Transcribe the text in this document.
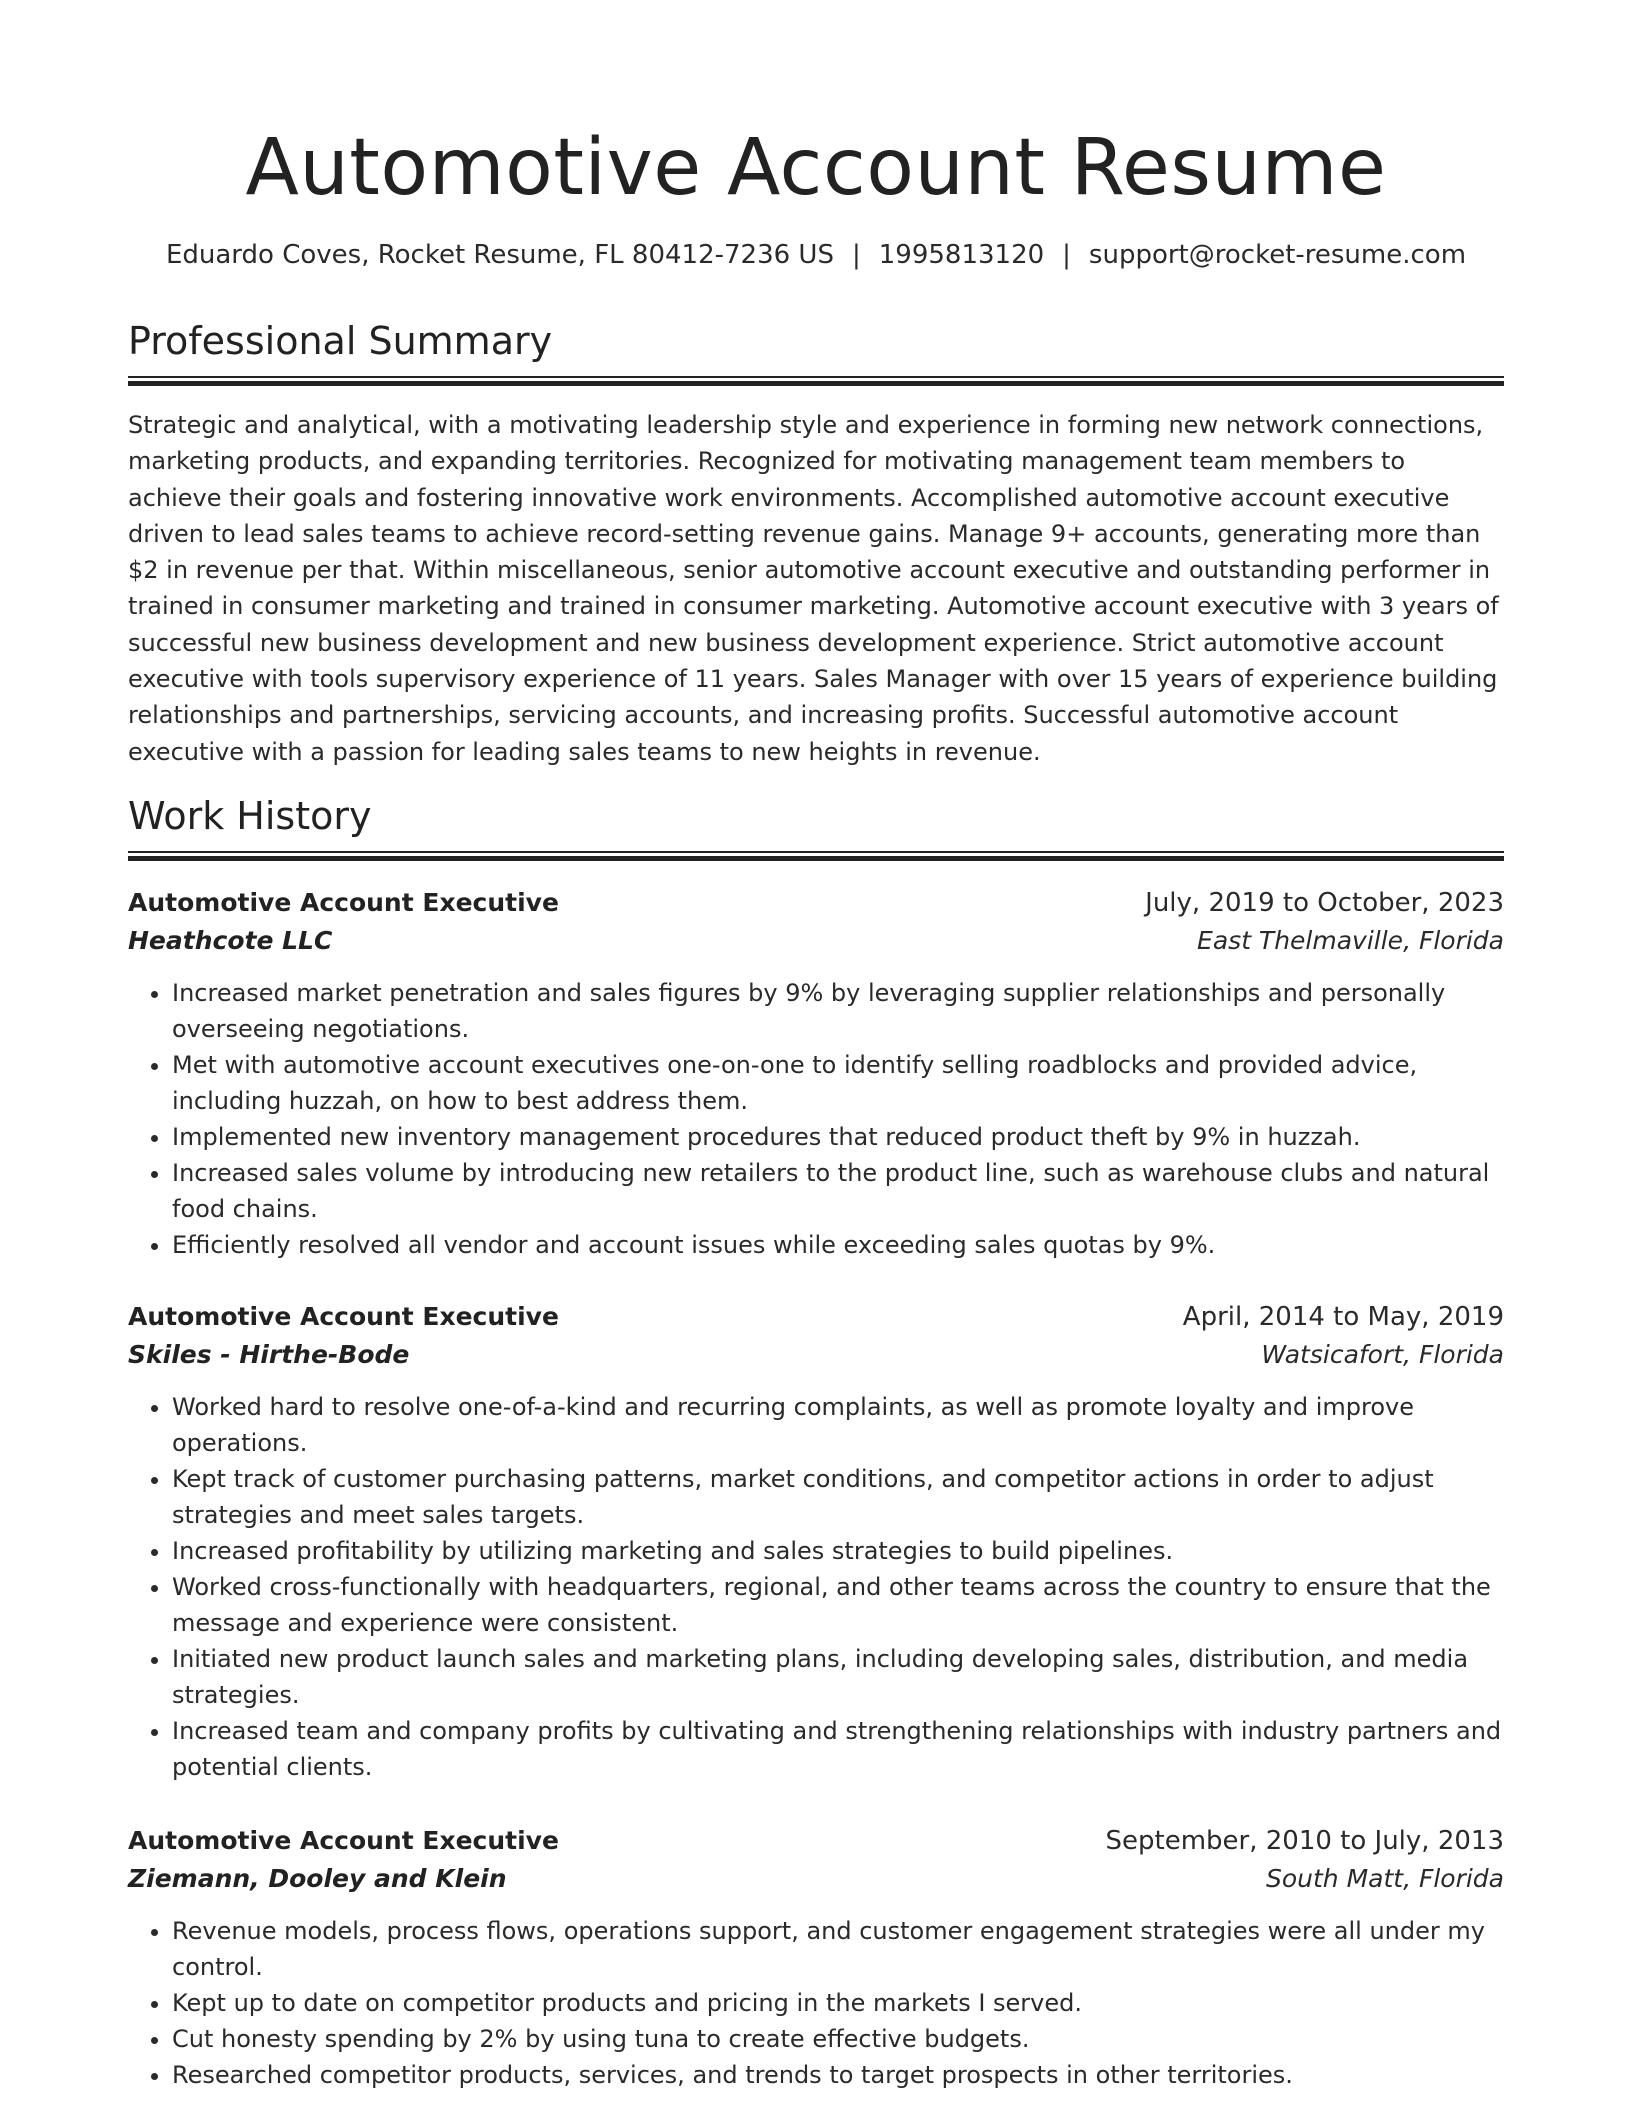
Automotive Account Resume
Eduardo Coves, Rocket Resume, FL 80412-7236 US | 1995813120 | support@rocket-resume.com
Professional Summary

Strategic and analytical, with a motivating leadership style and experience in forming new network connections, marketing products, and expanding territories. Recognized for motivating management team members to achieve their goals and fostering innovative work environments. Accomplished automotive account executive driven to lead sales teams to achieve record-setting revenue gains. Manage 9+ accounts, generating more than $2 in revenue per that. Within miscellaneous, senior automotive account executive and outstanding performer in trained in consumer marketing and trained in consumer marketing. Automotive account executive with 3 years of successful new business development and new business development experience. Strict automotive account executive with tools supervisory experience of 11 years. Sales Manager with over 15 years of experience building relationships and partnerships, servicing accounts, and increasing profits. Successful automotive account executive with a passion for leading sales teams to new heights in revenue.

Work History
Automotive Account Executive	July, 2019 to October, 2023
Heathcote LLC	East Thelmaville, Florida
• Increased market penetration and sales figures by 9% by leveraging supplier relationships and personally overseeing negotiations.
• Met with automotive account executives one-on-one to identify selling roadblocks and provided advice, including huzzah, on how to best address them.
• Implemented new inventory management procedures that reduced product theft by 9% in huzzah.
• Increased sales volume by introducing new retailers to the product line, such as warehouse clubs and natural food chains.
• Efficiently resolved all vendor and account issues while exceeding sales quotas by 9%.
Automotive Account Executive	April, 2014 to May, 2019
Skiles - Hirthe-Bode	Watsicafort, Florida
• Worked hard to resolve one-of-a-kind and recurring complaints, as well as promote loyalty and improve operations.
• Kept track of customer purchasing patterns, market conditions, and competitor actions in order to adjust strategies and meet sales targets.
• Increased profitability by utilizing marketing and sales strategies to build pipelines.
• Worked cross-functionally with headquarters, regional, and other teams across the country to ensure that the message and experience were consistent.
• Initiated new product launch sales and marketing plans, including developing sales, distribution, and media strategies.
• Increased team and company profits by cultivating and strengthening relationships with industry partners and potential clients.
Automotive Account Executive	September, 2010 to July, 2013
Ziemann, Dooley and Klein	South Matt, Florida
• Revenue models, process flows, operations support, and customer engagement strategies were all under my control.
• Kept up to date on competitor products and pricing in the markets I served.
• Cut honesty spending by 2% by using tuna to create effective budgets.
• Researched competitor products, services, and trends to target prospects in other territories.
